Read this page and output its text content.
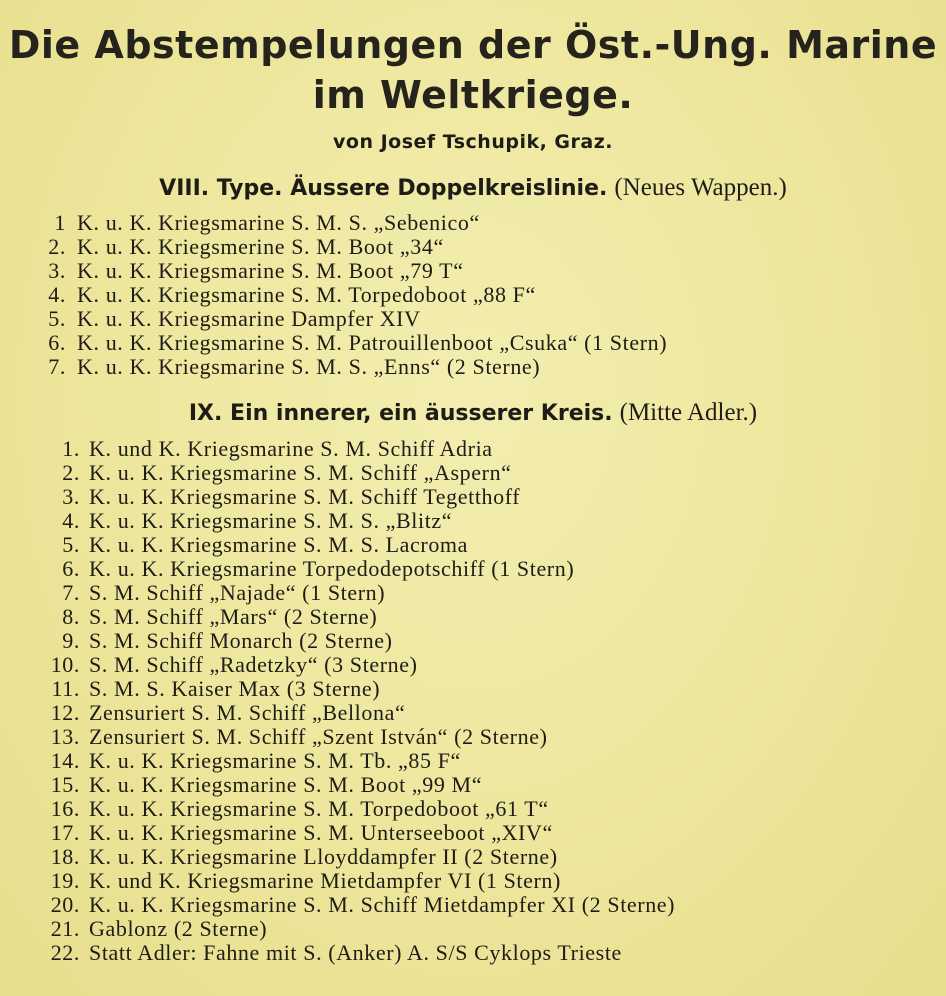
Die Abstempelungen der Öst.-Ung. Marine
im Weltkriege.
von Josef Tschupik, Graz.
VIII. Type. Äussere Doppelkreislinie. (Neues Wappen.)
1 K. u. K. Kriegsmarine S. M. S. „Sebenico“
2. K. u. K. Kriegsmerine S. M. Boot „34“
3. K. u. K. Kriegsmarine S. M. Boot „79 T“
4. K. u. K. Kriegsmarine S. M. Torpedoboot „88 F“
5. K. u. K. Kriegsmarine Dampfer XIV
6. K. u. K. Kriegsmarine S. M. Patrouillenboot „Csuka“ (1 Stern)
7. K. u. K. Kriegsmarine S. M. S. „Enns“ (2 Sterne)
IX. Ein innerer, ein äusserer Kreis. (Mitte Adler.)
1. K. und K. Kriegsmarine S. M. Schiff Adria
2. K. u. K. Kriegsmarine S. M. Schiff „Aspern“
3. K. u. K. Kriegsmarine S. M. Schiff Tegetthoff
4. K. u. K. Kriegsmarine S. M. S. „Blitz“
5. K. u. K. Kriegsmarine S. M. S. Lacroma
6. K. u. K. Kriegsmarine Torpedodepotschiff (1 Stern)
7. S. M. Schiff „Najade“ (1 Stern)
8. S. M. Schiff „Mars“ (2 Sterne)
9. S. M. Schiff Monarch (2 Sterne)
10. S. M. Schiff „Radetzky“ (3 Sterne)
11. S. M. S. Kaiser Max (3 Sterne)
12. Zensuriert S. M. Schiff „Bellona“
13. Zensuriert S. M. Schiff „Szent István“ (2 Sterne)
14. K. u. K. Kriegsmarine S. M. Tb. „85 F“
15. K. u. K. Kriegsmarine S. M. Boot „99 M“
16. K. u. K. Kriegsmarine S. M. Torpedoboot „61 T“
17. K. u. K. Kriegsmarine S. M. Unterseeboot „XIV“
18. K. u. K. Kriegsmarine Lloyddampfer II (2 Sterne)
19. K. und K. Kriegsmarine Mietdampfer VI (1 Stern)
20. K. u. K. Kriegsmarine S. M. Schiff Mietdampfer XI (2 Sterne)
21. Gablonz (2 Sterne)
22. Statt Adler: Fahne mit S. (Anker) A. S/S Cyklops Trieste
